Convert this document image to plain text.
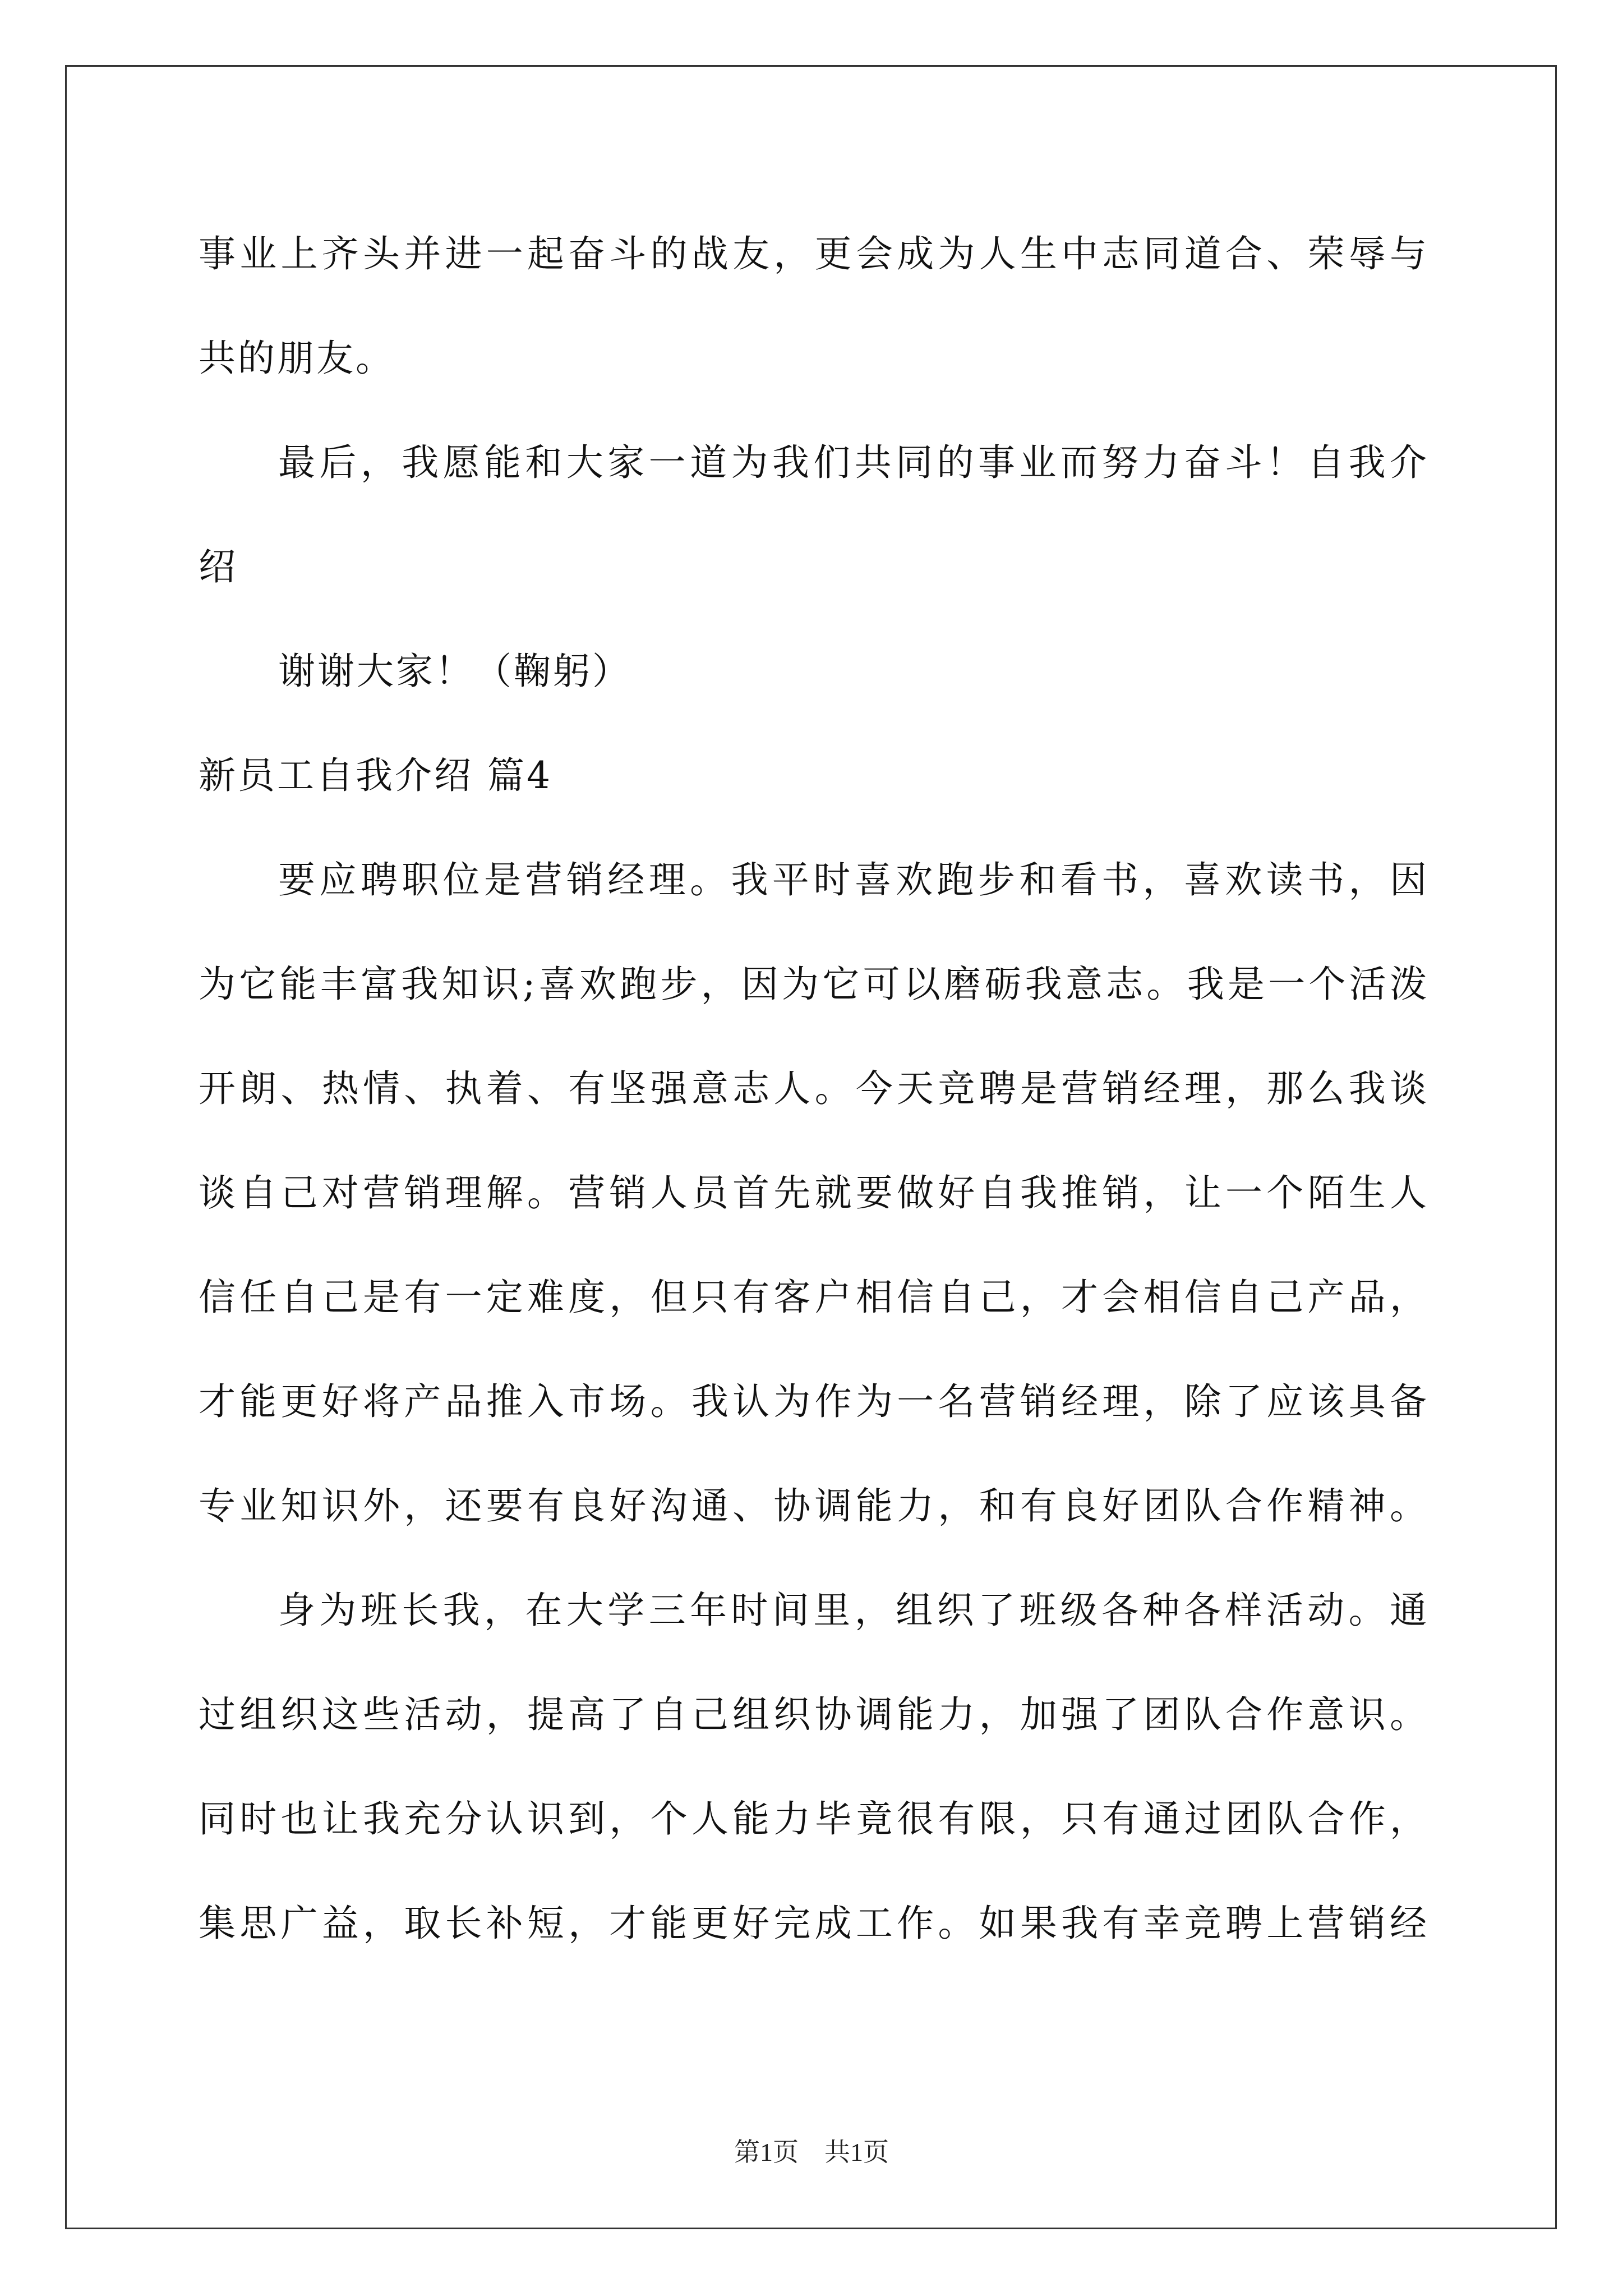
事业上齐头并进一起奋斗的战友，更会成为人生中志同道合、荣辱与
共的朋友。
最后，我愿能和大家一道为我们共同的事业而努力奋斗！自我介
绍
谢谢大家！（鞠躬）
新员工自我介绍 篇4
要应聘职位是营销经理。我平时喜欢跑步和看书，喜欢读书，因
为它能丰富我知识;喜欢跑步，因为它可以磨砺我意志。我是一个活泼
开朗、热情、执着、有坚强意志人。今天竞聘是营销经理，那么我谈
谈自己对营销理解。营销人员首先就要做好自我推销，让一个陌生人
信任自己是有一定难度，但只有客户相信自己，才会相信自己产品，
才能更好将产品推入市场。我认为作为一名营销经理，除了应该具备
专业知识外，还要有良好沟通、协调能力，和有良好团队合作精神。
身为班长我，在大学三年时间里，组织了班级各种各样活动。通
过组织这些活动，提高了自己组织协调能力，加强了团队合作意识。
同时也让我充分认识到，个人能力毕竟很有限，只有通过团队合作，
集思广益，取长补短，才能更好完成工作。如果我有幸竞聘上营销经
第1页 共1页
